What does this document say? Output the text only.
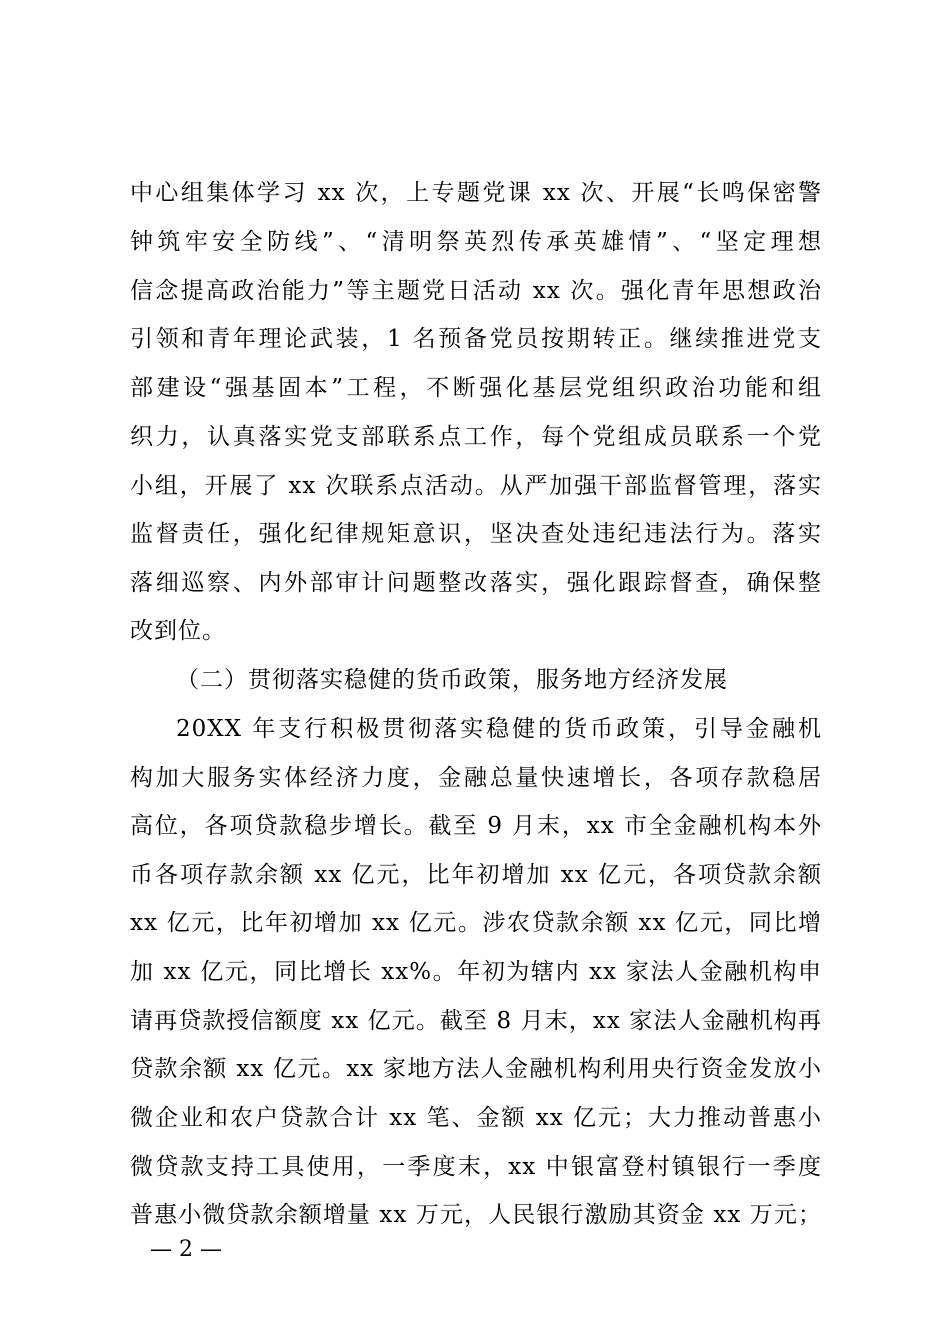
中心组集体学习 xx 次，上专题党课 xx 次、开展“长鸣保密警
钟筑牢安全防线”、“清明祭英烈传承英雄情”、“坚定理想
信念提高政治能力”等主题党日活动 xx 次。强化青年思想政治
引领和青年理论武装，1 名预备党员按期转正。继续推进党支
部建设“强基固本”工程，不断强化基层党组织政治功能和组
织力，认真落实党支部联系点工作，每个党组成员联系一个党
小组，开展了 xx 次联系点活动。从严加强干部监督管理，落实
监督责任，强化纪律规矩意识，坚决查处违纪违法行为。落实
落细巡察、内外部审计问题整改落实，强化跟踪督查，确保整
改到位。
（二）贯彻落实稳健的货币政策，服务地方经济发展
20XX 年支行积极贯彻落实稳健的货币政策，引导金融机
构加大服务实体经济力度，金融总量快速增长，各项存款稳居
高位，各项贷款稳步增长。截至 9 月末，xx 市全金融机构本外
币各项存款余额 xx 亿元，比年初增加 xx 亿元，各项贷款余额
xx 亿元，比年初增加 xx 亿元。涉农贷款余额 xx 亿元，同比增
加 xx 亿元，同比增长 xx%。年初为辖内 xx 家法人金融机构申
请再贷款授信额度 xx 亿元。截至 8 月末，xx 家法人金融机构再
贷款余额 xx 亿元。xx 家地方法人金融机构利用央行资金发放小
微企业和农户贷款合计 xx 笔、金额 xx 亿元；大力推动普惠小
微贷款支持工具使用，一季度末，xx 中银富登村镇银行一季度
普惠小微贷款余额增量 xx 万元，人民银行激励其资金 xx 万元；
— 2 —
